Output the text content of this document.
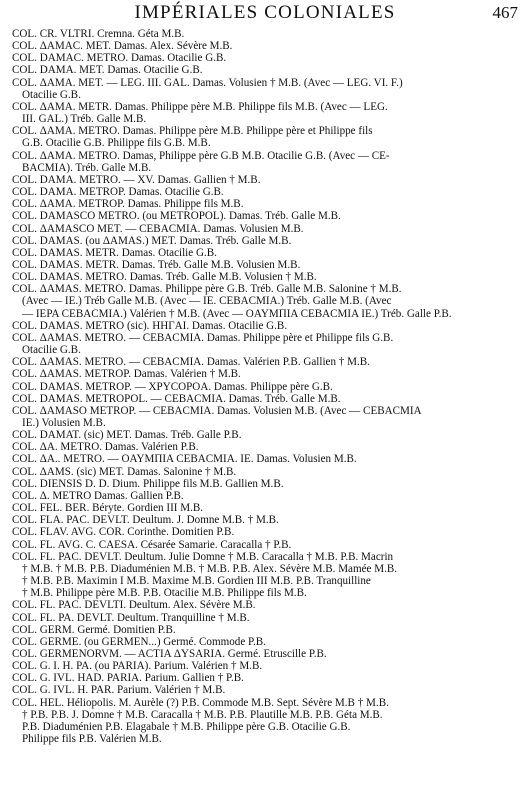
IMPÉRIALES COLONIALES	467
COL. CR. VLTRI. Cremna. Géta M.B.
COL. ΔAMAC. MET. Damas. Alex. Sévère M.B.
COL. DAMAC. METRO. Damas. Otacilie G.B.
COL. DAMA. MET. Damas. Otacilie G.B.
COL. ΔAMA. MET. — LEG. III. GAL. Damas. Volusien † M.B. (Avec — LEG. VI. F.)
Otacilie G.B.
COL. ΔAMA. METR. Damas. Philippe père M.B. Philippe fils M.B. (Avec — LEG.
III. GAL.) Tréb. Galle M.B.
COL. ΔAMA. METRO. Damas. Philippe père M.B. Philippe père et Philippe fils
G.B. Otacilie G.B. Philippe fils G.B. M.B.
COL. ΔAMA. METRO. Damas, Philippe père G.B M.B. Otacilie G.B. (Avec — CE-
BACMIA). Tréb. Galle M.B.
COL. DAMA. METRO. — XV. Damas. Gallien † M.B.
COL. DAMA. METROP. Damas. Otacilie G.B.
COL. ΔAMA. METROP. Damas. Philippe fils M.B.
COL. DAMASCO METRO. (ou METROPOL). Damas. Tréb. Galle M.B.
COL. ΔAMASCO MET. — CEBACMIA. Damas. Volusien M.B.
COL. DAMAS. (ou ΔAMAS.) MET. Damas. Tréb. Galle M.B.
COL. DAMAS. METR. Damas. Otacilie G.B.
COL. DAMAS. METR. Damas. Tréb. Galle M.B. Volusien M.B.
COL. DAMAS. METRO. Damas. Tréb. Galle M.B. Volusien † M.B.
COL. ΔAMAS. METRO. Damas. Philippe père G.B. Tréb. Galle M.B. Salonine † M.B.
(Avec — IE.) Tréb Galle M.B. (Avec — IE. CEBACMIA.) Tréb. Galle M.B. (Avec
— IEPA CEBACMIA.) Valérien † M.B. (Avec — OAYMΠIA CEBACMIA IE.) Tréb. Galle P.B.
COL. DAMAS. METRO (sic). HHΓAI. Damas. Otacilie G.B.
COL. ΔAMAS. METRO. — CEBACMIA. Damas. Philippe père et Philippe fils G.B.
Otacilie G.B.
COL. ΔAMAS. METRO. — CEBACMIA. Damas. Valérien P.B. Gallien † M.B.
COL. ΔAMAS. METROP. Damas. Valérien † M.B.
COL. DAMAS. METROP. — XPYCOPOA. Damas. Philippe père G.B.
COL. DAMAS. METROPOL. — CEBACMIA. Damas. Tréb. Galle M.B.
COL. ΔAMASO METROP. — CEBACMIA. Damas. Volusien M.B. (Avec — CEBACMIA
IE.) Volusien M.B.
COL. DAMAT. (sic) MET. Damas. Tréb. Galle P.B.
COL. ΔA. METRO. Damas. Valérien P.B.
COL. ΔA.. METRO. — OAYMΠIA CEBACMIA. IE. Damas. Volusien M.B.
COL. ΔAMS. (sic) MET. Damas. Salonine † M.B.
COL. DIENSIS D. D. Dium. Philippe fils M.B. Gallien M.B.
COL. Δ. METRO Damas. Gallien P.B.
COL. FEL. BER. Béryte. Gordien III M.B.
COL. FLA. PAC. DEVLT. Deultum. J. Domne M.B. † M.B.
COL. FLAV. AVG. COR. Corinthe. Domitien P.B.
COL. FL. AVG. C. CAESA. Césarée Samarie. Caracalla † P.B.
COL. FL. PAC. DEVLT. Deultum. Julie Domne † M.B. Caracalla † M.B. P.B. Macrin
† M.B. † M.B. P.B. Diaduménien M.B. † M.B. P.B. Alex. Sévère M.B. Mamée M.B.
† M.B. P.B. Maximin I M.B. Maxime M.B. Gordien III M.B. P.B. Tranquilline
† M.B. Philippe père M.B. P.B. Otacilie M.B. Philippe fils M.B.
COL. FL. PAC. DEVLTI. Deultum. Alex. Sévère M.B.
COL. FL. PA. DEVLT. Deultum. Tranquilline † M.B.
COL. GERM. Germé. Domitien P.B.
COL. GERME. (ou GERMEN...) Germé. Commode P.B.
COL. GERMENORVM. — ACTIA ΔYSARIA. Germé. Etruscille P.B.
COL. G. I. H. PA. (ou PARIA). Parium. Valérien † M.B.
COL. G. IVL. HAD. PARIA. Parium. Gallien † P.B.
COL. G. IVL. H. PAR. Parium. Valérien † M.B.
COL. HEL. Héliopolis. M. Aurèle (?) P.B. Commode M.B. Sept. Sévère M.B † M.B.
† P.B. P.B. J. Domne † M.B. Caracalla † M.B. P.B. Plautille M.B. P.B. Géta M.B.
P.B. Diaduménien P.B. Elagabale † M.B. Philippe père G.B. Otacilie G.B.
Philippe fils P.B. Valérien M.B.
